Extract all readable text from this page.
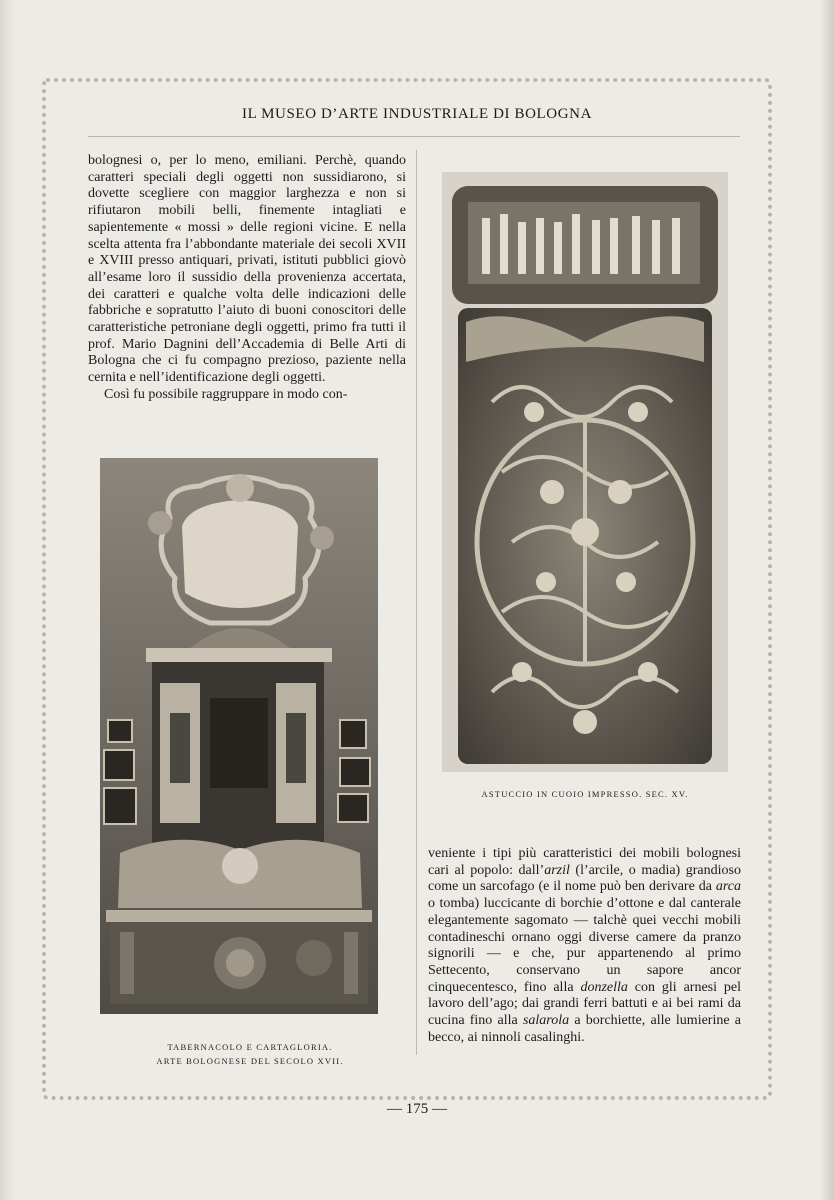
IL MUSEO D’ARTE INDUSTRIALE DI BOLOGNA

bolognesi o, per lo meno, emiliani. Perchè, quando caratteri speciali degli oggetti non sussidiarono, si dovette scegliere con maggior larghezza e non si rifiutaron mobili belli, finemente intagliati e sapientemente « mossi » delle regioni vicine. E nella scelta attenta fra l’abbondante materiale dei secoli XVII e XVIII presso antiquari, privati, istituti pubblici giovò all’esame loro il sussidio della provenienza accertata, dei caratteri e qualche volta delle indicazioni delle fabbriche e sopratutto l’aiuto di buoni conoscitori delle caratteristiche petroniane degli oggetti, primo fra tutti il prof. Mario Dagnini dell’Accademia di Belle Arti di Bologna che ci fu compagno prezioso, paziente nella cernita e nell’identificazione degli oggetti.

Così fu possibile raggruppare in modo con-

TABERNACOLO E CARTAGLORIA.
ARTE BOLOGNESE DEL SECOLO XVII.
ASTUCCIO IN CUOIO IMPRESSO. SEC. XV.

veniente i tipi più caratteristici dei mobili bolognesi cari al popolo: dall’arzil (l’arcile, o madia) grandioso come un sarcofago (e il nome può ben derivare da arca o tomba) luccicante di borchie d’ottone e dal canterale elegantemente sagomato — talchè quei vecchi mobili contadineschi ornano oggi diverse camere da pranzo signorili — e che, pur appartenendo al primo Settecento, conservano un sapore ancor cinquecentesco, fino alla donzella con gli arnesi pel lavoro dell’ago; dai grandi ferri battuti e ai bei rami da cucina fino alla salarola a borchiette, alle lumierine a becco, ai ninnoli casalinghi.

— 175 —
